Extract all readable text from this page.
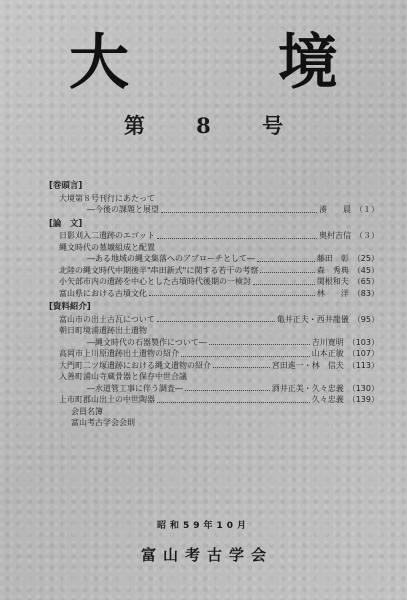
大 境
第 8 号
[巻頭言]
大境第８号刊行にあたって
―今後の課題と展望	湊　　晨 （１）
[論　文]
日影刈入二遺跡のエゴット	奥村吉信 （３）
縄文時代の墓壙組成と配置
―ある地域の縄文集落へのアプローチとして―	藤田　彰 （25）
北陸の縄文時代中期後半"串田新式"に関する若干の考察	森　秀典 （45）
小矢部市内の遺跡を中心とした古墳時代後期の一検討	関根和夫 （65）
富山県における古墳文化	林　　洋 （83）
[資料紹介]
富山市の出土古瓦について	亀井正夫・西井龍儀 （95）
朝日町境浦遺跡出土遺物
―縄文時代の石器製作について―	吉川寛明 （103）
高岡市上川原遺跡出土遺物の紹介	山本正敏 （107）
大門町二ツ塚遺跡における縄文遺物の紹介	宮田進一・林　信夫 （113）
入善町浦山寺蔵骨器と保存中世合議
―水道管工事に伴う調査―	酒井正美・久々忠義 （130）
上市町郡山出土の中世陶器	久々忠義 （139）
会員名簿
富山考古学会会則
昭和59年10月
富山考古学会
